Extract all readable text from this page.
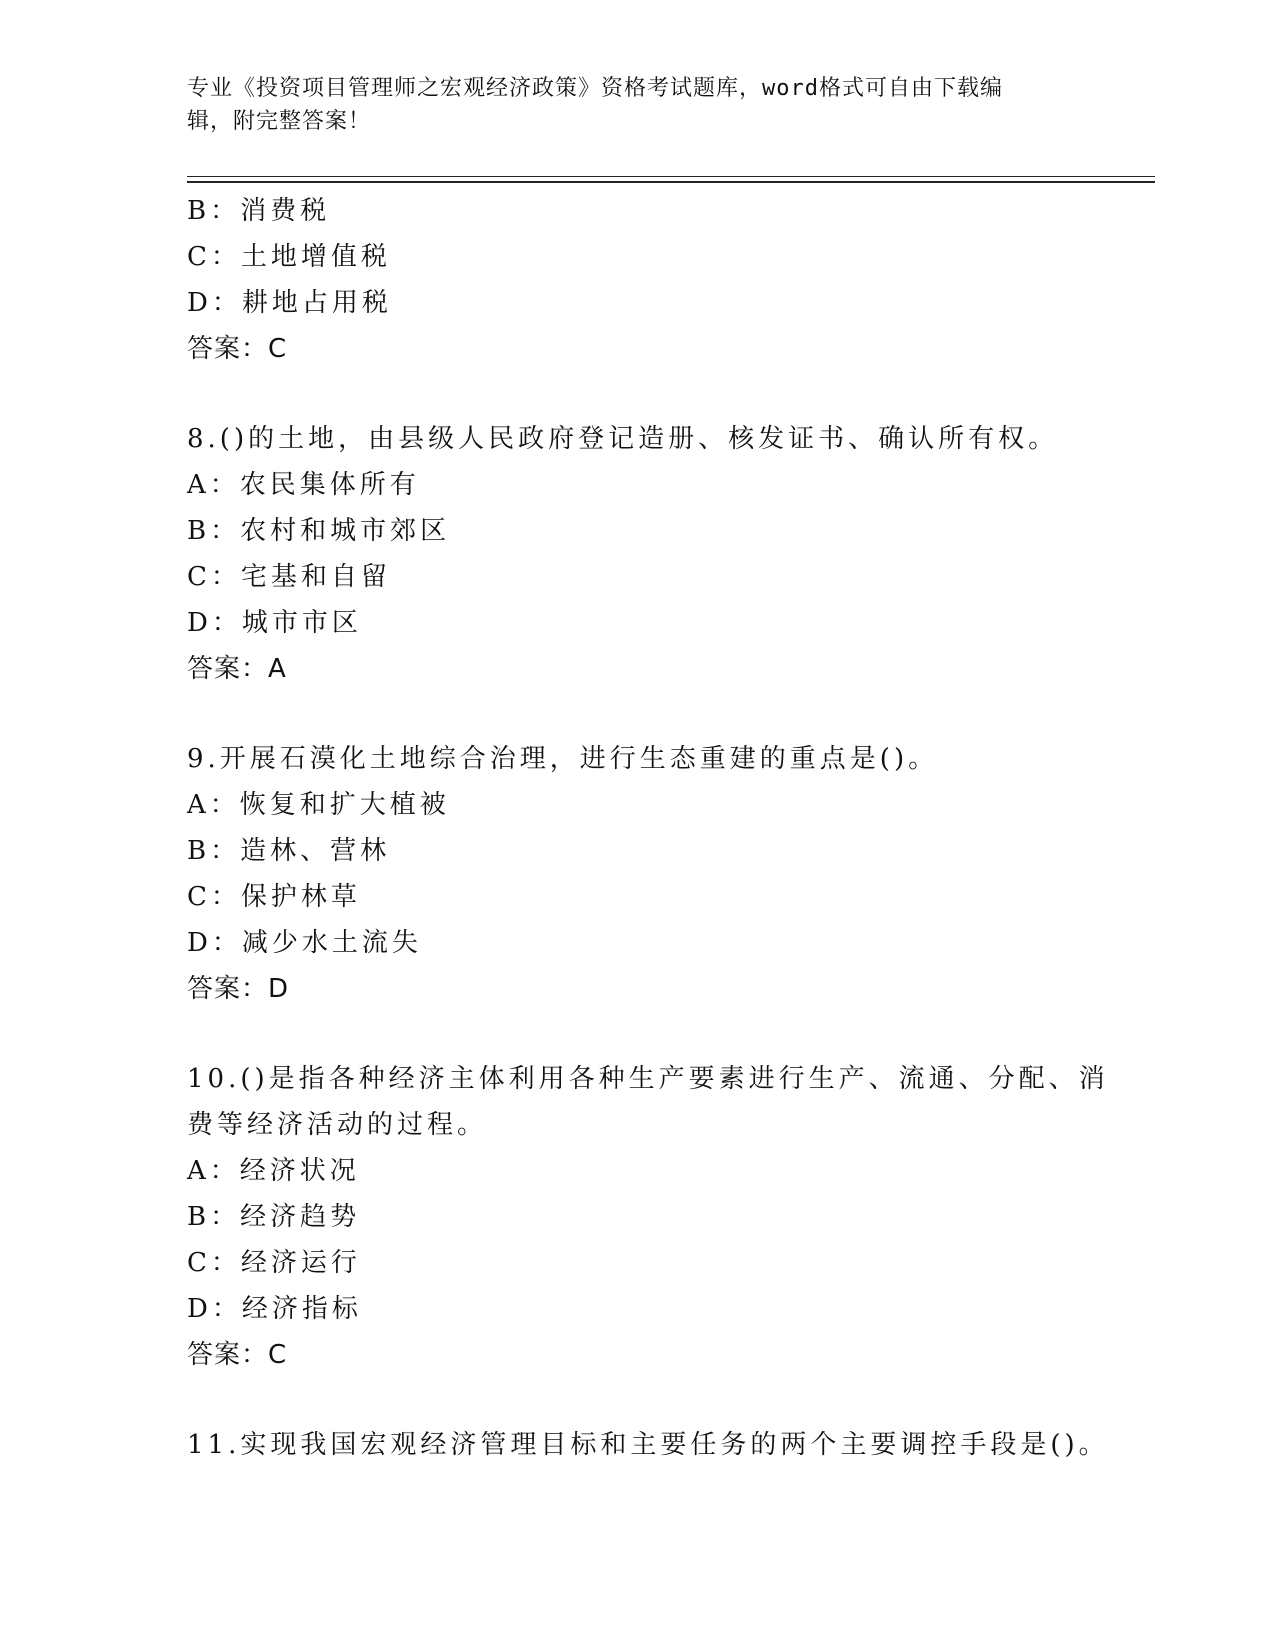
专业《投资项目管理师之宏观经济政策》资格考试题库，word格式可自由下载编
辑，附完整答案！
B：消费税
C：土地增值税
D：耕地占用税
答案：C
8.()的土地，由县级人民政府登记造册、核发证书、确认所有权。
A：农民集体所有
B：农村和城市郊区
C：宅基和自留
D：城市市区
答案：A
9.开展石漠化土地综合治理，进行生态重建的重点是()。
A：恢复和扩大植被
B：造林、营林
C：保护林草
D：减少水土流失
答案：D
10.()是指各种经济主体利用各种生产要素进行生产、流通、分配、消
费等经济活动的过程。
A：经济状况
B：经济趋势
C：经济运行
D：经济指标
答案：C
11.实现我国宏观经济管理目标和主要任务的两个主要调控手段是()。
